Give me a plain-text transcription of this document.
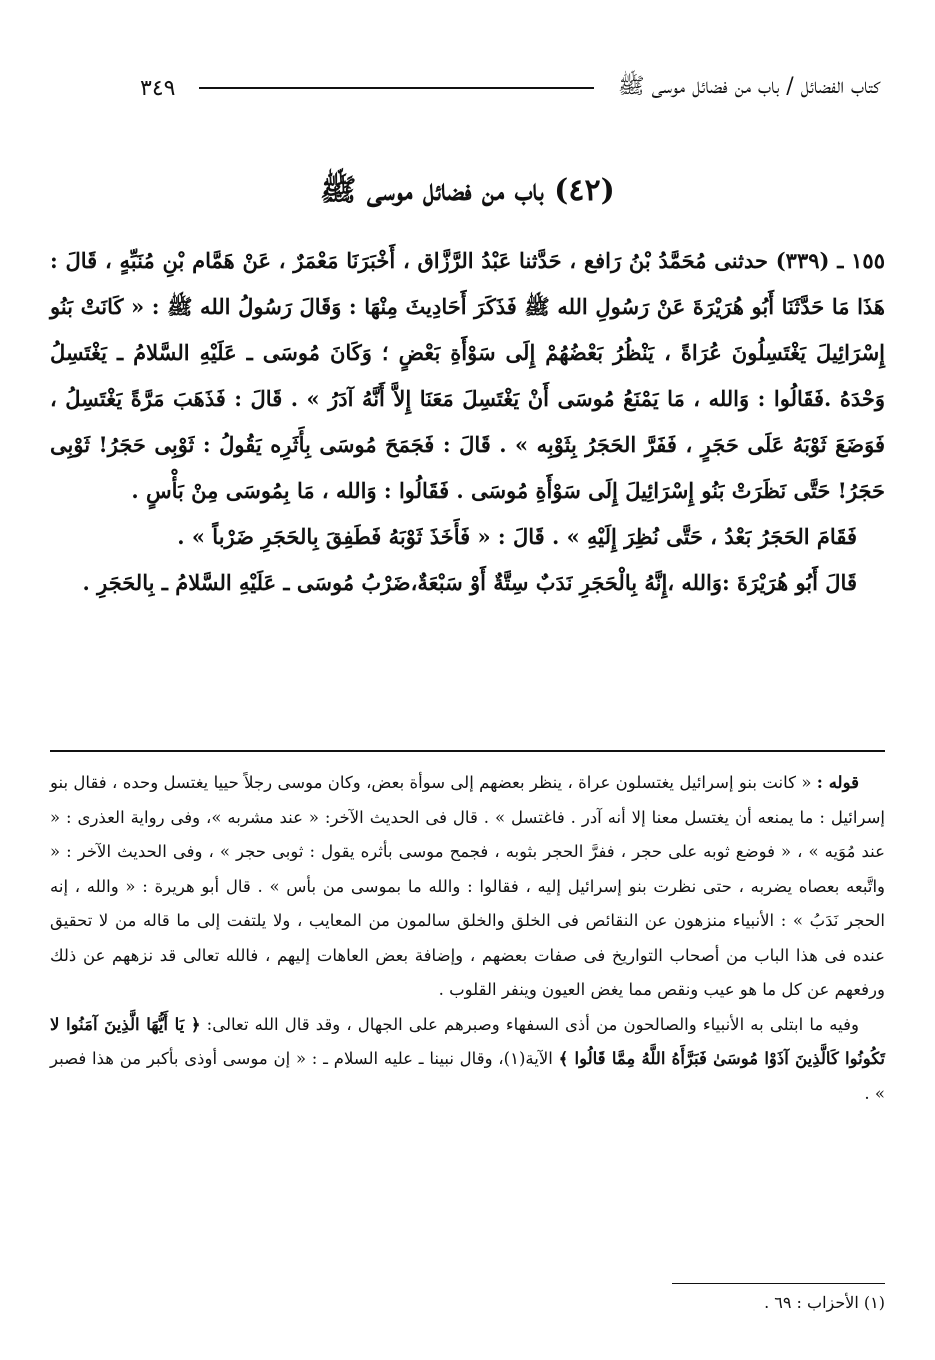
كتاب الفضائل / باب من فضائل موسى ﷺ
٣٤٩
(٤٢) باب من فضائل موسى ﷺ

١٥٥ ـ (٣٣٩) حدثنى مُحَمَّدُ بْنُ رَافع ، حَدَّثنا عَبْدُ الرَّزَّاق ، أَخْبَرَنَا مَعْمَرٌ ، عَنْ هَمَّام بْنِ مُنَبِّهٍ ، قَالَ : هَذَا مَا حَدَّثَنَا أَبُو هُرَيْرَةَ عَنْ رَسُولِ الله ﷺ فَذَكَرَ أَحَادِيثَ مِنْهَا : وَقَالَ رَسُولُ الله ﷺ : « كَانَتْ بَنُو إِسْرَائِيلَ يَغْتَسِلُونَ عُرَاةً ، يَنْظُرُ بَعْضُهُمْ إِلَى سَوْأَةِ بَعْضٍ ؛ وَكَانَ مُوسَى ـ عَلَيْهِ السَّلامُ ـ يَغْتَسِلُ وَحْدَهُ .فَقَالُوا : وَالله ، مَا يَمْنَعُ مُوسَى أَنْ يَغْتَسِلَ مَعَنَا إِلاَّ أَنَّهُ آدَرُ » . قَالَ : فَذَهَبَ مَرَّةً يَغْتَسِلُ ، فَوَضَعَ ثَوْبَهُ عَلَى حَجَرٍ ، فَفَرَّ الحَجَرُ بِثَوْبِه » . قَالَ : فَجَمَحَ مُوسَى بِأَثَرِه يَقُولُ : ثَوْبِى حَجَرُ! ثَوْبِى حَجَرُ! حَتَّى نَظَرَتْ بَنُو إِسْرَائِيلَ إِلَى سَوْأَةِ مُوسَى . فَقَالُوا : وَالله ، مَا بِمُوسَى مِنْ بَأْسٍ .

فَقَامَ الحَجَرُ بَعْدُ ، حَتَّى نُظِرَ إِلَيْهِ » . قَالَ : « فَأَخَذَ ثَوْبَهُ فَطَفِقَ بِالحَجَرِ ضَرْباً » .

قَالَ أَبُو هُرَيْرَةَ :وَالله ،إِنَّهُ بِالْحَجَرِ نَدَبٌ سِتَّةٌ أَوْ سَبْعَةٌ،ضَرْبُ مُوسَى ـ عَلَيْهِ السَّلامُ ـ بِالحَجَرِ .

قوله : « كانت بنو إسرائيل يغتسلون عراة ، ينظر بعضهم إلى سوأة بعض، وكان موسى رجلاً حييا يغتسل وحده ، فقال بنو إسرائيل : ما يمنعه أن يغتسل معنا إلا أنه آدر . فاغتسل » . قال فى الحديث الآخر: « عند مشربه »، وفى رواية العذرى : « عند مُوَيه » ، « فوضع ثوبه على حجر ، ففرَّ الحجر بثوبه ، فجمح موسى بأثره يقول : ثوبى حجر » ، وفى الحديث الآخر : « واتَّبعه بعصاه يضربه ، حتى نظرت بنو إسرائيل إليه ، فقالوا : والله ما بموسى من بأس » . قال أبو هريرة : « والله ، إنه الحجر نَدَبُ » : الأنبياء منزهون عن النقائص فى الخلق والخلق سالمون من المعايب ، ولا يلتفت إلى ما قاله من لا تحقيق عنده فى هذا الباب من أصحاب التواريخ فى صفات بعضهم ، وإضافة بعض العاهات إليهم ، فالله تعالى قد نزههم عن ذلك ورفعهم عن كل ما هو عيب ونقص مما يغض العيون وينفر القلوب .

وفيه ما ابتلى به الأنبياء والصالحون من أذى السفهاء وصبرهم على الجهال ، وقد قال الله تعالى: ﴿ يَا أَيُّهَا الَّذِينَ آمَنُوا لا تَكُونُوا كَالَّذِينَ آذَوْا مُوسَىٰ فَبَرَّأَهُ اللَّهُ مِمَّا قَالُوا ﴾ الآية(١)، وقال نبينا ـ عليه السلام ـ : « إن موسى أوذى بأكبر من هذا فصبر » .

(١) الأحزاب : ٦٩ .
